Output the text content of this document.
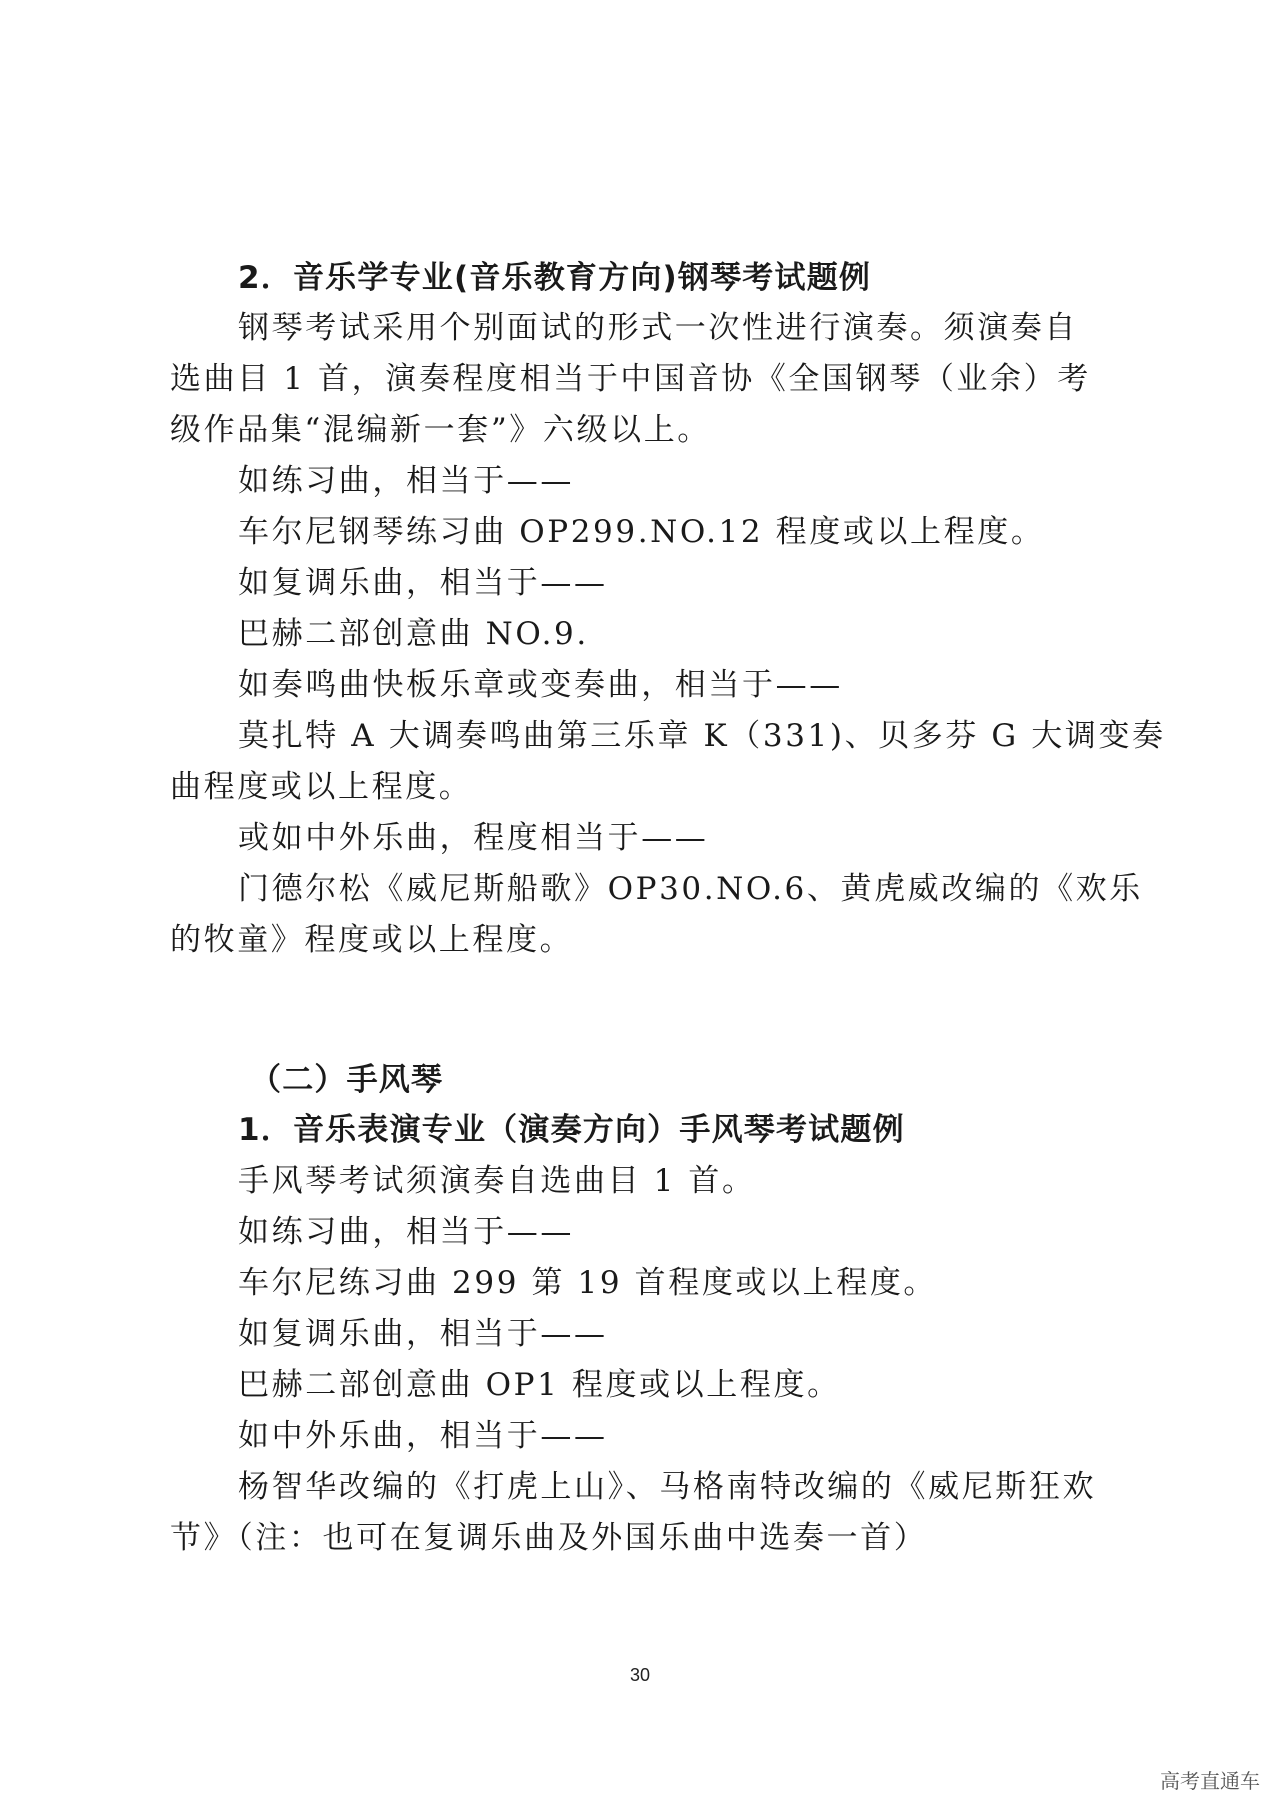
2．音乐学专业(音乐教育方向)钢琴考试题例
钢琴考试采用个别面试的形式一次性进行演奏。须演奏自
选曲目 1 首，演奏程度相当于中国音协《全国钢琴（业余）考
级作品集“混编新一套”》六级以上。
如练习曲，相当于——
车尔尼钢琴练习曲 OP299.NO.12 程度或以上程度。
如复调乐曲，相当于——
巴赫二部创意曲 NO.9.
如奏鸣曲快板乐章或变奏曲，相当于——
莫扎特 A 大调奏鸣曲第三乐章 K（331)、贝多芬 G 大调变奏
曲程度或以上程度。
或如中外乐曲，程度相当于——
门德尔松《威尼斯船歌》OP30.NO.6、黄虎威改编的《欢乐
的牧童》程度或以上程度。
（二）手风琴
1．音乐表演专业（演奏方向）手风琴考试题例
手风琴考试须演奏自选曲目 1 首。
如练习曲，相当于——
车尔尼练习曲 299 第 19 首程度或以上程度。
如复调乐曲，相当于——
巴赫二部创意曲 OP1 程度或以上程度。
如中外乐曲，相当于——
杨智华改编的《打虎上山》、马格南特改编的《威尼斯狂欢
节》（注：也可在复调乐曲及外国乐曲中选奏一首）
30
高考直通车
